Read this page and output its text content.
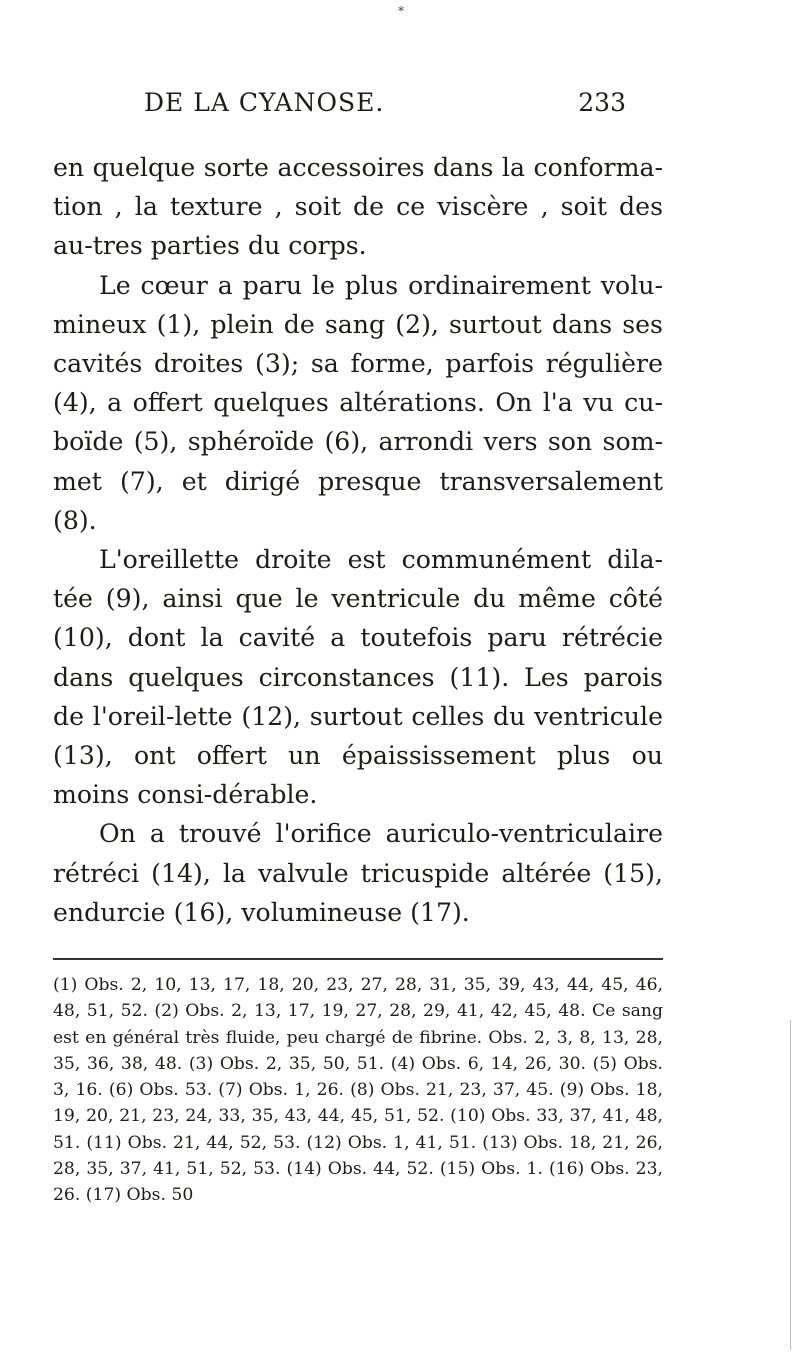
*
DE LA CYANOSE.	233

en quelque sorte accessoires dans la conforma-tion , la texture , soit de ce viscère , soit des au-tres parties du corps.

Le cœur a paru le plus ordinairement volu-mineux (1), plein de sang (2), surtout dans ses cavités droites (3); sa forme, parfois régulière (4), a offert quelques altérations. On l'a vu cu-boïde (5), sphéroïde (6), arrondi vers son som-met (7), et dirigé presque transversalement (8).

L'oreillette droite est communément dila-tée (9), ainsi que le ventricule du même côté (10), dont la cavité a toutefois paru rétrécie dans quelques circonstances (11). Les parois de l'oreil-lette (12), surtout celles du ventricule (13), ont offert un épaississement plus ou moins consi-dérable.

On a trouvé l'orifice auriculo-ventriculaire rétréci (14), la valvule tricuspide altérée (15), endurcie (16), volumineuse (17).

(1) Obs. 2, 10, 13, 17, 18, 20, 23, 27, 28, 31, 35, 39, 43, 44, 45, 46, 48, 51, 52. (2) Obs. 2, 13, 17, 19, 27, 28, 29, 41, 42, 45, 48. Ce sang est en général très fluide, peu chargé de fibrine. Obs. 2, 3, 8, 13, 28, 35, 36, 38, 48. (3) Obs. 2, 35, 50, 51. (4) Obs. 6, 14, 26, 30. (5) Obs. 3, 16. (6) Obs. 53. (7) Obs. 1, 26. (8) Obs. 21, 23, 37, 45. (9) Obs. 18, 19, 20, 21, 23, 24, 33, 35, 43, 44, 45, 51, 52. (10) Obs. 33, 37, 41, 48, 51. (11) Obs. 21, 44, 52, 53. (12) Obs. 1, 41, 51. (13) Obs. 18, 21, 26, 28, 35, 37, 41, 51, 52, 53. (14) Obs. 44, 52. (15) Obs. 1. (16) Obs. 23, 26. (17) Obs. 50
